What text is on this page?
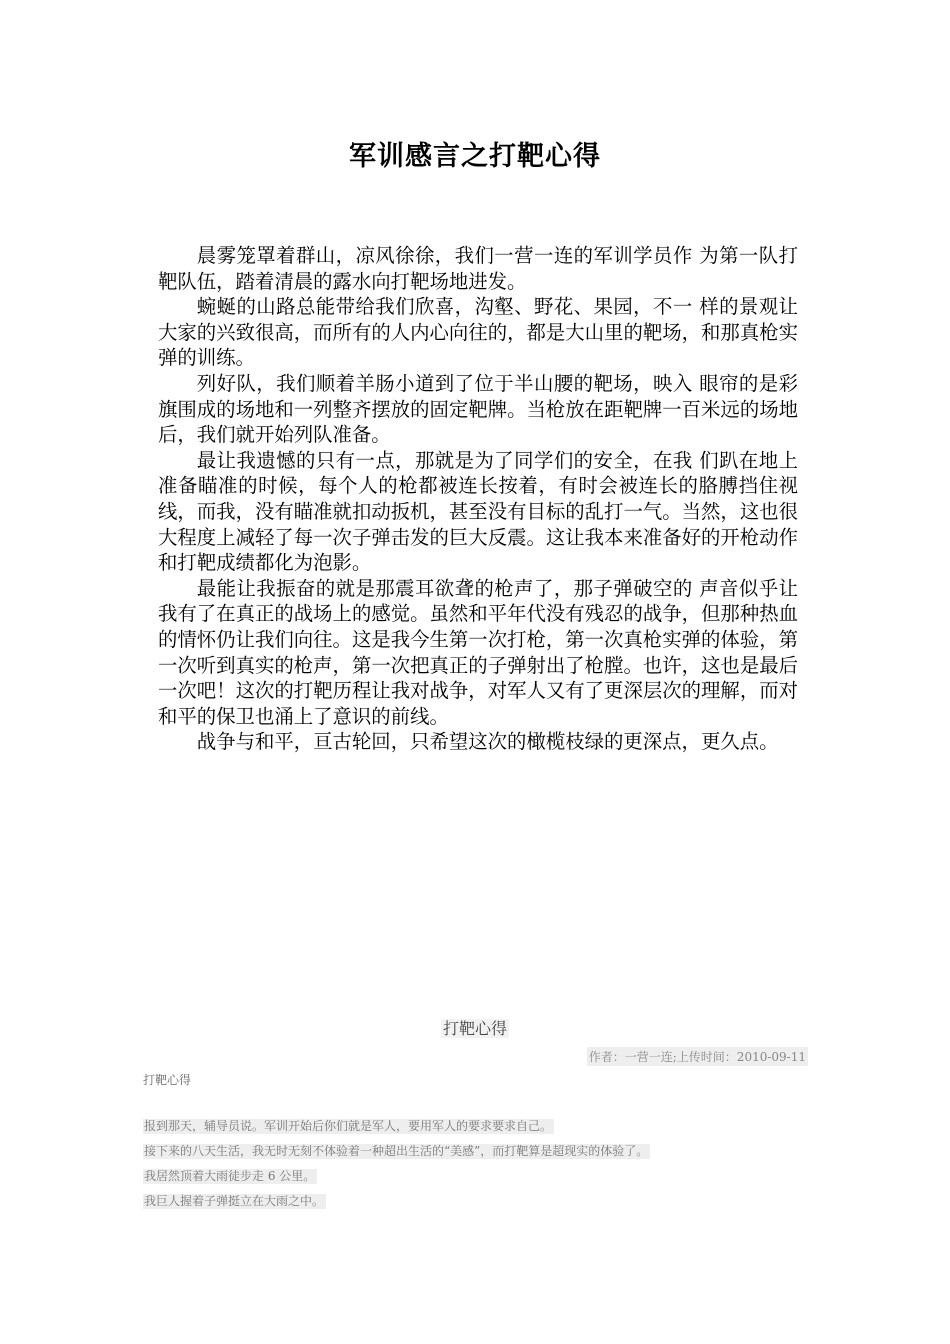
军训感言之打靶心得

晨雾笼罩着群山，凉风徐徐，我们一营一连的军训学员作 为第一队打靶队伍，踏着清晨的露水向打靶场地进发。

蜿蜒的山路总能带给我们欣喜，沟壑、野花、果园，不一 样的景观让大家的兴致很高，而所有的人内心向往的，都是大山里的靶场，和那真枪实弹的训练。

列好队，我们顺着羊肠小道到了位于半山腰的靶场，映入 眼帘的是彩旗围成的场地和一列整齐摆放的固定靶牌。当枪放在距靶牌一百米远的场地后，我们就开始列队准备。

最让我遗憾的只有一点，那就是为了同学们的安全，在我 们趴在地上准备瞄准的时候，每个人的枪都被连长按着，有时会被连长的胳膊挡住视线，而我，没有瞄准就扣动扳机，甚至没有目标的乱打一气。当然，这也很大程度上减轻了每一次子弹击发的巨大反震。这让我本来准备好的开枪动作和打靶成绩都化为泡影。

最能让我振奋的就是那震耳欲聋的枪声了，那子弹破空的 声音似乎让我有了在真正的战场上的感觉。虽然和平年代没有残忍的战争，但那种热血的情怀仍让我们向往。这是我今生第一次打枪，第一次真枪实弹的体验，第一次听到真实的枪声，第一次把真正的子弹射出了枪膛。也许，这也是最后一次吧！这次的打靶历程让我对战争，对军人又有了更深层次的理解，而对和平的保卫也涌上了意识的前线。

战争与和平，亘古轮回，只希望这次的橄榄枝绿的更深点，更久点。

打靶心得
作者：一营一连;上传时间：2010-09-11
打靶心得
报到那天，辅导员说。军训开始后你们就是军人，要用军人的要求要求自己。
接下来的八天生活，我无时无刻不体验着一种超出生活的“美感”，而打靶算是超现实的体验了。
我居然顶着大雨徒步走 6 公里。
我巨人握着子弹挺立在大雨之中。
